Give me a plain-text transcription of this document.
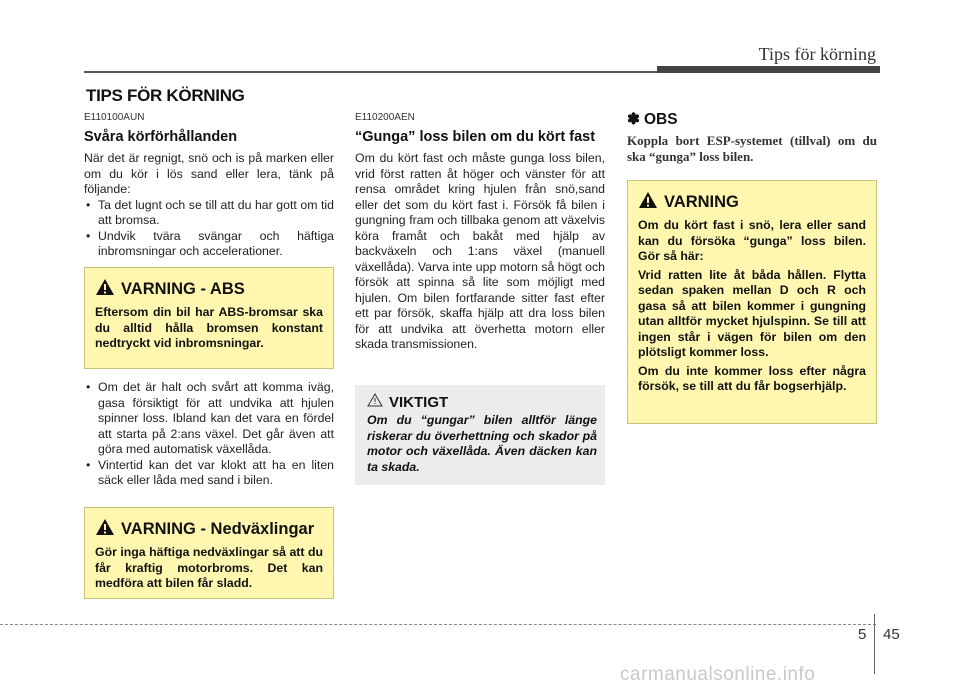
Tips för körning
TIPS FÖR KÖRNING

E110100AUN

Svåra körförhållanden

När det är regnigt, snö och is på marken eller om du kör i lös sand eller lera, tänk på följande:

• Ta det lugnt och se till att du har gott om tid att bromsa.
• Undvik tvära svängar och häftiga inbromsningar och accelerationer.
VARNING - ABS

Eftersom din bil har ABS-bromsar ska du alltid hålla bromsen konstant nedtryckt vid inbromsningar.

• Om det är halt och svårt att komma iväg, gasa försiktigt för att undvika att hjulen spinner loss. Ibland kan det vara en fördel att starta på 2:ans växel. Det går även att göra med automatisk växellåda.
• Vintertid kan det var klokt att ha en liten säck eller låda med sand i bilen.
VARNING - Nedväxlingar

Gör inga häftiga nedväxlingar så att du får kraftig motorbroms. Det kan medföra att bilen får sladd.

E110200AEN

“Gunga” loss bilen om du kört fast

Om du kört fast och måste gunga loss bilen, vrid först ratten åt höger och vänster för att rensa området kring hjulen från snö,sand eller det som du kört fast i. Försök få bilen i gungning fram och tillbaka genom att växelvis köra framåt och bakåt med hjälp av backväxeln och 1:ans växel (manuell växellåda). Varva inte upp motorn så högt och försök att spinna så lite som möjligt med hjulen. Om bilen fortfarande sitter fast efter ett par försök, skaffa hjälp att dra loss bilen för att undvika att överhetta motorn eller skada transmissionen.

VIKTIGT

Om du “gungar” bilen alltför länge riskerar du överhettning och skador på motor och växellåda. Även däcken kan ta skada.

✽ OBS

Koppla bort ESP-systemet (tillval) om du ska “gunga” loss bilen.

VARNING

Om du kört fast i snö, lera eller sand kan du försöka “gunga” loss bilen. Gör så här:

Vrid ratten lite åt båda hållen. Flytta sedan spaken mellan D och R och gasa så att bilen kommer i gungning utan alltför mycket hjulspinn. Se till att ingen står i vägen för bilen om den plötsligt kommer loss.

Om du inte kommer loss efter några försök, se till att du får bogserhjälp.

5 45
carmanualsonline.info
